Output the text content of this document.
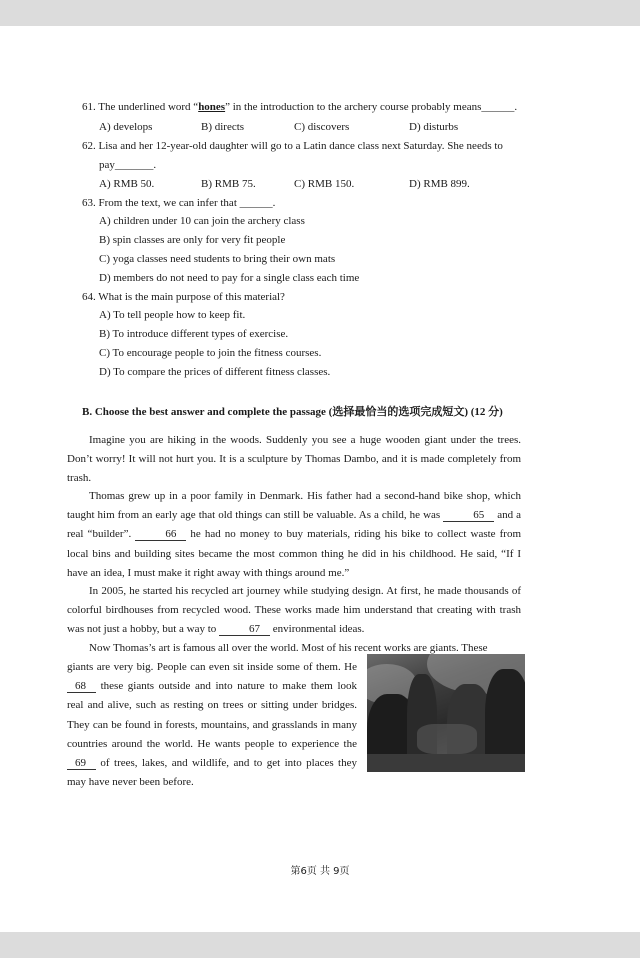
61. The underlined word “hones” in the introduction to the archery course probably means______.
A) develops	B) directs	C) discovers	D) disturbs
62. Lisa and her 12-year-old daughter will go to a Latin dance class next Saturday. She needs to
pay_______.
A) RMB 50.	B) RMB 75.	C) RMB 150.	D) RMB 899.
63. From the text, we can infer that ______.
A) children under 10 can join the archery class
B) spin classes are only for very fit people
C) yoga classes need students to bring their own mats
D) members do not need to pay for a single class each time
64. What is the main purpose of this material?
A) To tell people how to keep fit.
B) To introduce different types of exercise.
C) To encourage people to join the fitness courses.
D) To compare the prices of different fitness classes.
B. Choose the best answer and complete the passage (选择最恰当的选项完成短文) (12 分)
Imagine you are hiking in the woods. Suddenly you see a huge wooden giant under the trees. Don’t worry! It will not hurt you. It is a sculpture by Thomas Dambo, and it is made completely from trash.
Thomas grew up in a poor family in Denmark. His father had a second-hand bike shop, which taught him from an early age that old things can still be valuable. As a child, he was	65 and a real “builder”.	66 he had no money to buy materials, riding his bike to collect waste from local bins and building sites became the most common thing he did in his childhood. He said, “If I have an idea, I must make it right away with things around me.”
In 2005, he started his recycled art journey while studying design. At first, he made thousands of colorful birdhouses from recycled wood. These works made him understand that creating with trash was not just a hobby, but a way to	67 environmental ideas.
Now Thomas’s art is famous all over the world. Most of his recent works are giants. These
giants are very big. People can even sit inside some of them. He 68 these giants outside and into nature to make them look real and alive, such as resting on trees or sitting under bridges. They can be found in forests, mountains, and grasslands in many countries around the world. He wants people to experience the 69 of trees, lakes, and wildlife, and to get into places they may have never been before.
第6页 共 9页
